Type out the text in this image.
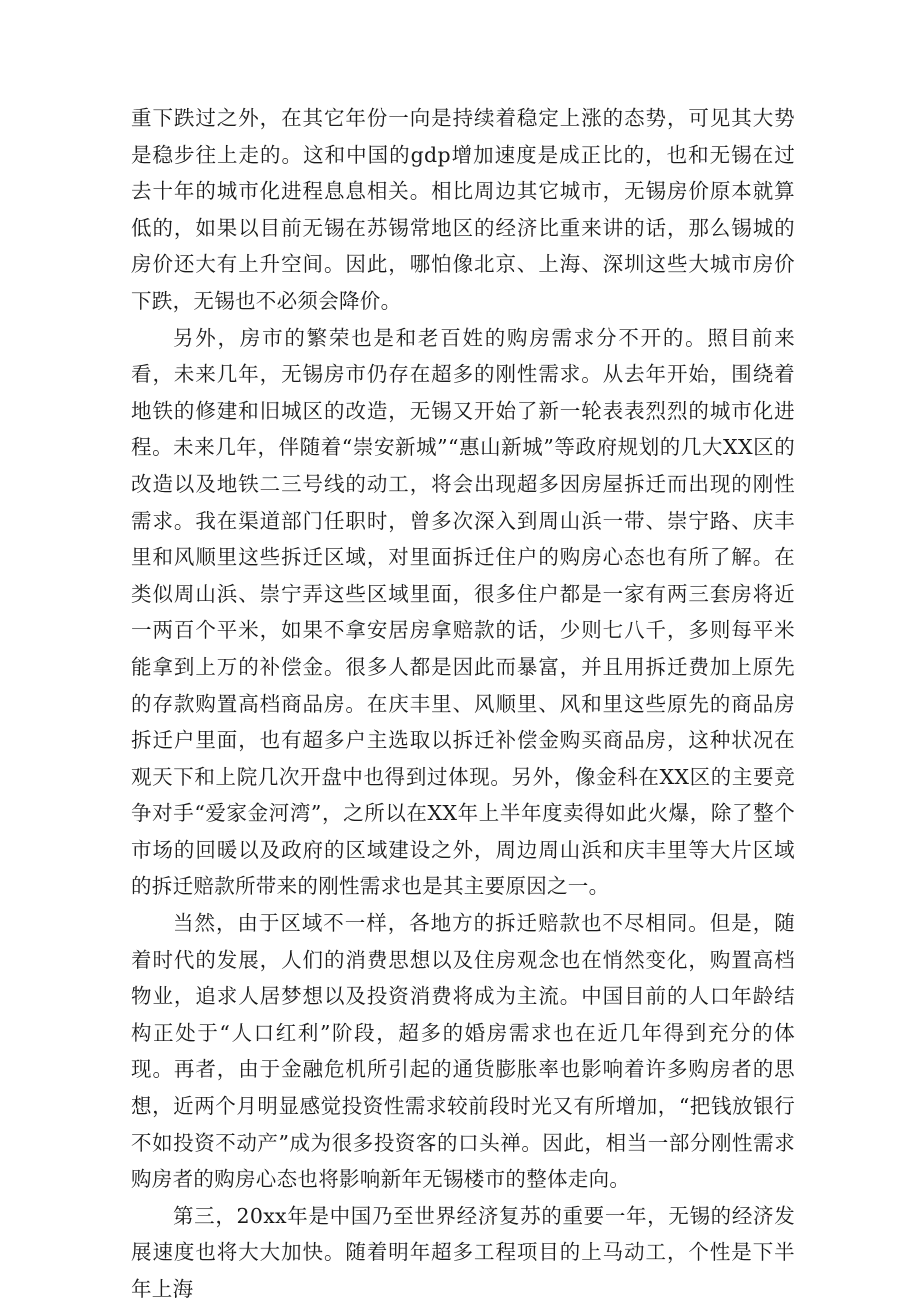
重下跌过之外，在其它年份一向是持续着稳定上涨的态势，可见其大势是稳步往上走的。这和中国的gdp增加速度是成正比的，也和无锡在过去十年的城市化进程息息相关。相比周边其它城市，无锡房价原本就算低的，如果以目前无锡在苏锡常地区的经济比重来讲的话，那么锡城的房价还大有上升空间。因此，哪怕像北京、上海、深圳这些大城市房价下跌，无锡也不必须会降价。

另外，房市的繁荣也是和老百姓的购房需求分不开的。照目前来看，未来几年，无锡房市仍存在超多的刚性需求。从去年开始，围绕着地铁的修建和旧城区的改造，无锡又开始了新一轮表表烈烈的城市化进程。未来几年，伴随着“崇安新城”“惠山新城”等政府规划的几大XX区的改造以及地铁二三号线的动工，将会出现超多因房屋拆迁而出现的刚性需求。我在渠道部门任职时，曾多次深入到周山浜一带、崇宁路、庆丰里和风顺里这些拆迁区域，对里面拆迁住户的购房心态也有所了解。在类似周山浜、崇宁弄这些区域里面，很多住户都是一家有两三套房将近一两百个平米，如果不拿安居房拿赔款的话，少则七八千，多则每平米能拿到上万的补偿金。很多人都是因此而暴富，并且用拆迁费加上原先的存款购置高档商品房。在庆丰里、风顺里、风和里这些原先的商品房拆迁户里面，也有超多户主选取以拆迁补偿金购买商品房，这种状况在观天下和上院几次开盘中也得到过体现。另外，像金科在XX区的主要竞争对手“爱家金河湾”，之所以在XX年上半年度卖得如此火爆，除了整个市场的回暖以及政府的区域建设之外，周边周山浜和庆丰里等大片区域的拆迁赔款所带来的刚性需求也是其主要原因之一。

当然，由于区域不一样，各地方的拆迁赔款也不尽相同。但是，随着时代的发展，人们的消费思想以及住房观念也在悄然变化，购置高档物业，追求人居梦想以及投资消费将成为主流。中国目前的人口年龄结构正处于“人口红利”阶段，超多的婚房需求也在近几年得到充分的体现。再者，由于金融危机所引起的通货膨胀率也影响着许多购房者的思想，近两个月明显感觉投资性需求较前段时光又有所增加，“把钱放银行不如投资不动产”成为很多投资客的口头禅。因此，相当一部分刚性需求购房者的购房心态也将影响新年无锡楼市的整体走向。

第三，20xx年是中国乃至世界经济复苏的重要一年，无锡的经济发展速度也将大大加快。随着明年超多工程项目的上马动工，个性是下半年上海
